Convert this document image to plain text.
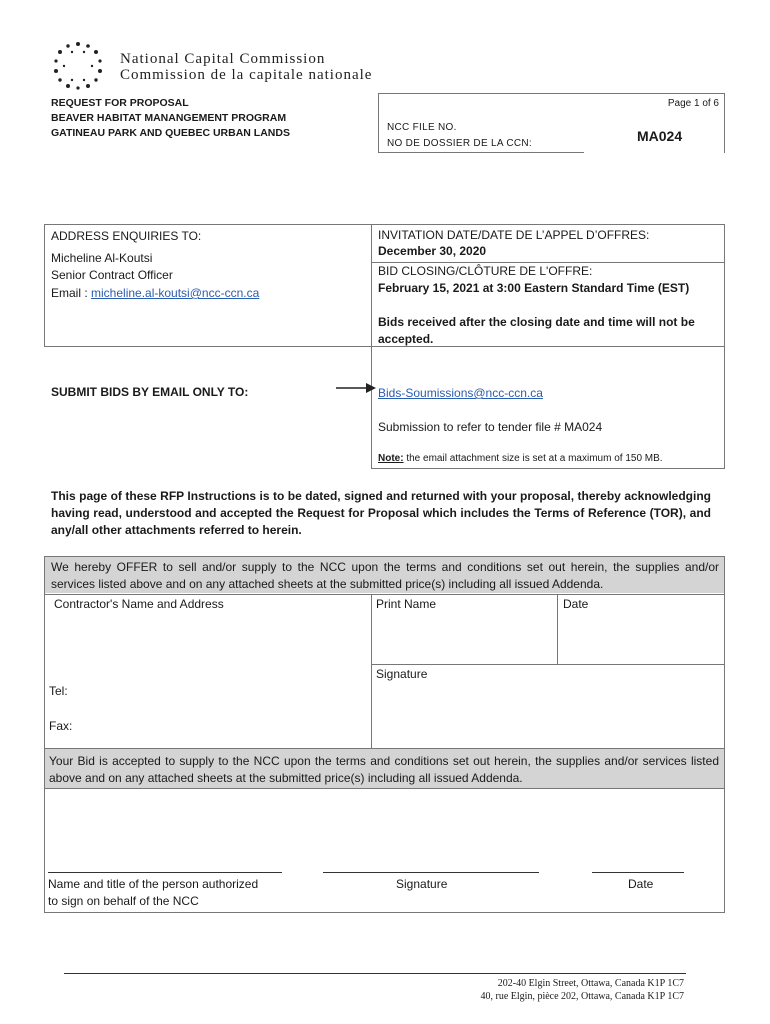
National Capital Commission
Commission de la capitale nationale
REQUEST FOR PROPOSAL
BEAVER HABITAT MANANGEMENT PROGRAM
GATINEAU PARK AND QUEBEC URBAN LANDS
Page 1 of 6
NCC FILE NO.
NO DE DOSSIER DE LA CCN:	MA024
ADDRESS ENQUIRIES TO:
Micheline Al-Koutsi
Senior Contract Officer
Email : micheline.al-koutsi@ncc-ccn.ca
INVITATION DATE/DATE DE L’APPEL D’OFFRES:
December 30, 2020
BID CLOSING/CLÔTURE DE L'OFFRE:
February 15, 2021 at 3:00 Eastern Standard Time (EST)
Bids received after the closing date and time will not be
accepted.
SUBMIT BIDS BY EMAIL ONLY TO:	Bids-Soumissions@ncc-ccn.ca
Submission to refer to tender file # MA024
Note: the email attachment size is set at a maximum of 150 MB.
This page of these RFP Instructions is to be dated, signed and returned with your proposal, thereby acknowledging having read, understood and accepted the Request for Proposal which includes the Terms of Reference (TOR), and any/all other attachments referred to herein.
We hereby OFFER to sell and/or supply to the NCC upon the terms and conditions set out herein, the supplies and/or services listed above and on any attached sheets at the submitted price(s) including all issued Addenda.
Contractor's Name and Address	Print Name	Date
Signature
Tel:
Fax:
Your Bid is accepted to supply to the NCC upon the terms and conditions set out herein, the supplies and/or services listed above and on any attached sheets at the submitted price(s) including all issued Addenda.
Name and title of the person authorized
to sign on behalf of the NCC
Signature	Date
202-40 Elgin Street, Ottawa, Canada K1P 1C7
40, rue Elgin, pièce 202, Ottawa, Canada K1P 1C7
